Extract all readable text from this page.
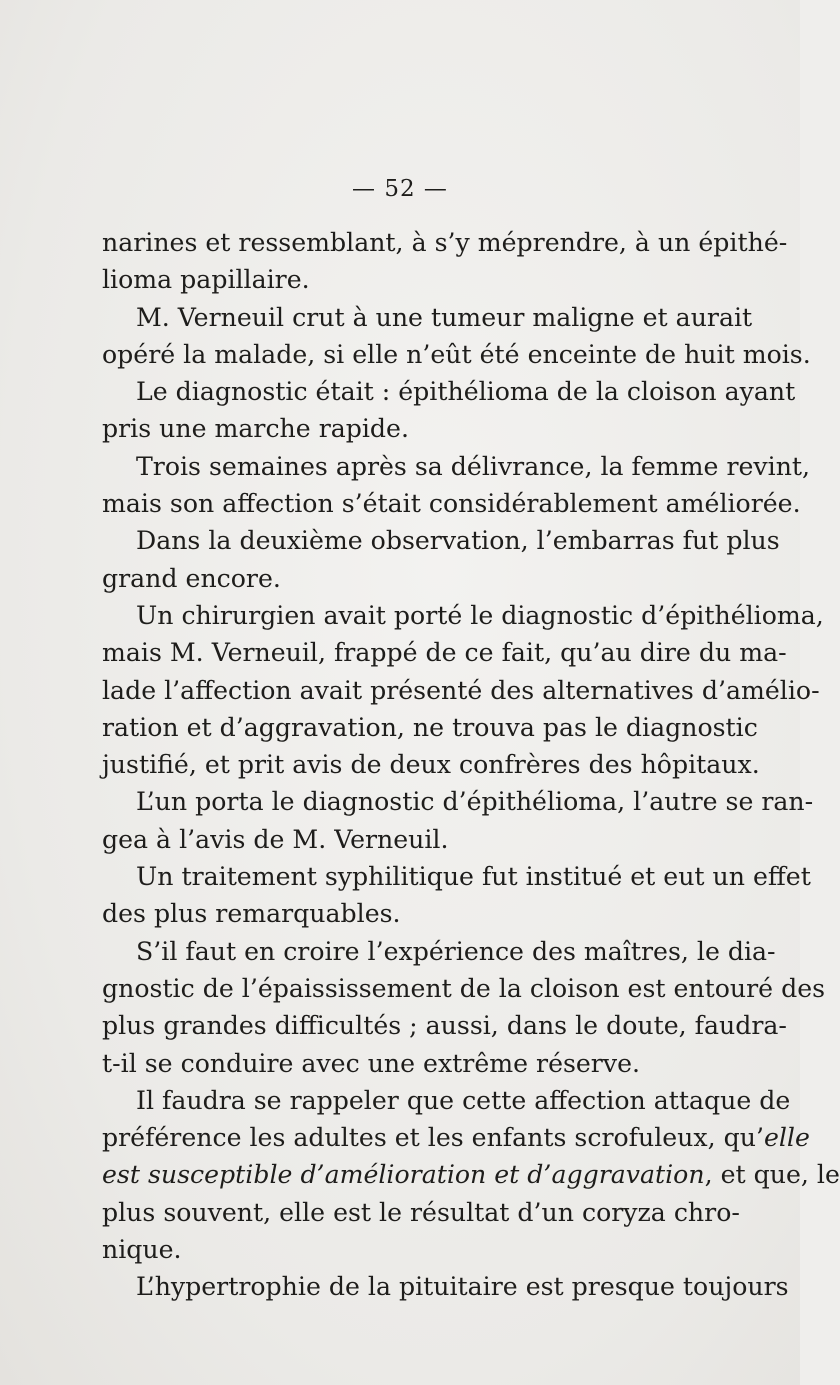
— 52 —
narines et ressemblant, à s’y méprendre, à un épithé-
lioma papillaire.
M. Verneuil crut à une tumeur maligne et aurait
opéré la malade, si elle n’eût été enceinte de huit mois.
Le diagnostic était : épithélioma de la cloison ayant
pris une marche rapide.
Trois semaines après sa délivrance, la femme revint,
mais son affection s’était considérablement améliorée.
Dans la deuxième observation, l’embarras fut plus
grand encore.
Un chirurgien avait porté le diagnostic d’épithélioma,
mais M. Verneuil, frappé de ce fait, qu’au dire du ma-
lade l’affection avait présenté des alternatives d’amélio-
ration et d’aggravation, ne trouva pas le diagnostic
justifié, et prit avis de deux confrères des hôpitaux.
L’un porta le diagnostic d’épithélioma, l’autre se ran-
gea à l’avis de M. Verneuil.
Un traitement syphilitique fut institué et eut un effet
des plus remarquables.
S’il faut en croire l’expérience des maîtres, le dia-
gnostic de l’épaississement de la cloison est entouré des
plus grandes difficultés ; aussi, dans le doute, faudra-
t-il se conduire avec une extrême réserve.
Il faudra se rappeler que cette affection attaque de
préférence les adultes et les enfants scrofuleux, qu’elle
est susceptible d’amélioration et d’aggravation, et que, le
plus souvent, elle est le résultat d’un coryza chro-
nique.
L’hypertrophie de la pituitaire est presque toujours
